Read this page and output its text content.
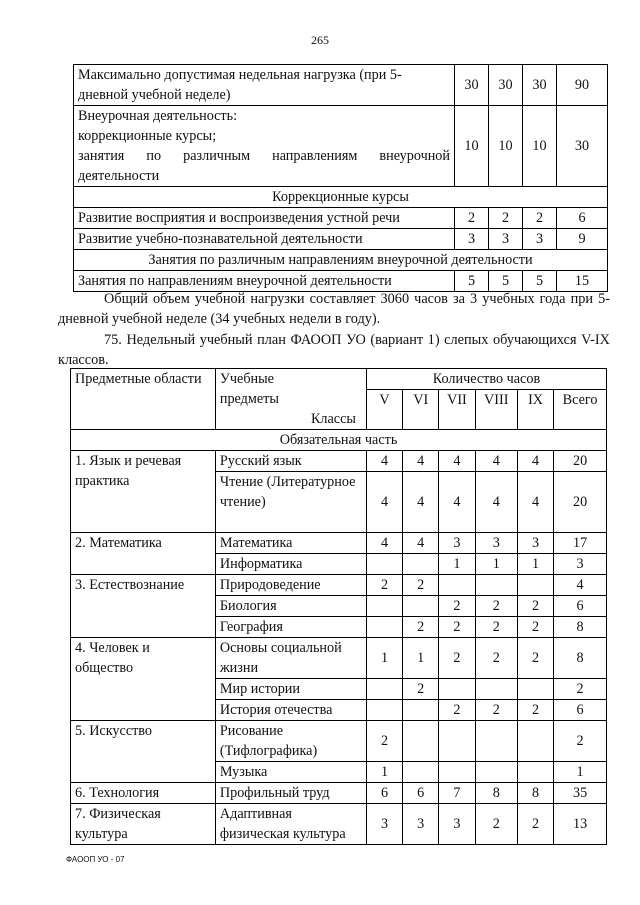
265
Максимально допустимая недельная нагрузка (при 5-дневной учебной неделе)	30	30	30	90

Внеурочная деятельность:
коррекционные курсы;
занятия по различным направлениям внеурочной деятельности	10	10	10	30
Коррекционные курсы				
Развитие восприятия и воспроизведения устной речи	2	2	2	6
Развитие учебно-познавательной деятельности	3	3	3	9
Занятия по различным направлениям внеурочной деятельности				
Занятия по направлениям внеурочной деятельности	5	5	5	15
Общий объем учебной нагрузки составляет 3060 часов за 3 учебных года при 5-дневной учебной неделе (34 учебных недели в году).
75. Недельный учебный план ФАООП УО (вариант 1) слепых обучающихся V-IX классов.
Предметные области	Учебные
предметы
Классы	Количество часов					
		V	VI	VII	VIII	IX	Всего
Обязательная часть							
1. Язык и речевая практика	Русский язык	4	4	4	4	4	20
	Чтение (Литературное чтение)	4	4	4	4	4	20
2. Математика	Математика	4	4	3	3	3	17
	Информатика			1	1	1	3
3. Естествознание	Природоведение	2	2				4
	Биология			2	2	2	6
	География		2	2	2	2	8
4. Человек и общество	Основы социальной жизни	1	1	2	2	2	8
	Мир истории		2				2
	История отечества			2	2	2	6
5. Искусство	Рисование (Тифлографика)	2					2
	Музыка	1					1
6. Технология	Профильный труд	6	6	7	8	8	35
7. Физическая культура	Адаптивная физическая культура	3	3	3	2	2	13
ФАООП УО - 07
